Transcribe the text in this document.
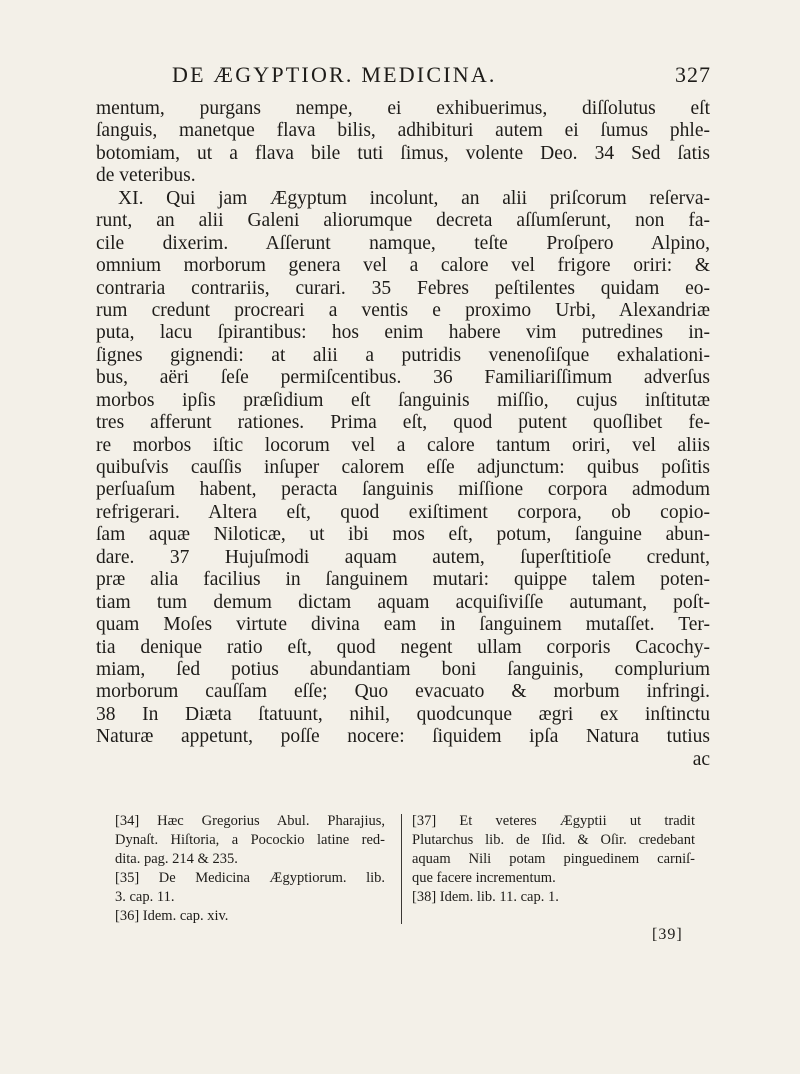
DE ÆGYPTIOR. MEDICINA.	327
mentum, purgans nempe, ei exhibuerimus, diſſolutus eſt
ſanguis, manetque flava bilis, adhibituri autem ei ſumus phle-
botomiam, ut a flava bile tuti ſimus, volente Deo. 34 Sed ſatis
de veteribus.
XI. Qui jam Ægyptum incolunt, an alii priſcorum reſerva-
runt, an alii Galeni aliorumque decreta aſſumſerunt, non fa-
cile dixerim. Aſſerunt namque, teſte Proſpero Alpino,
omnium morborum genera vel a calore vel frigore oriri: &
contraria contrariis, curari. 35 Febres peſtilentes quidam eo-
rum credunt procreari a ventis e proximo Urbi, Alexandriæ
puta, lacu ſpirantibus: hos enim habere vim putredines in-
ſignes gignendi: at alii a putridis venenoſiſque exhalationi-
bus, aëri ſeſe permiſcentibus. 36 Familiariſſimum adverſus
morbos ipſis præſidium eſt ſanguinis miſſio, cujus inſtitutæ
tres afferunt rationes. Prima eſt, quod putent quoſlibet fe-
re morbos iſtic locorum vel a calore tantum oriri, vel aliis
quibuſvis cauſſis inſuper calorem eſſe adjunctum: quibus poſitis
perſuaſum habent, peracta ſanguinis miſſione corpora admodum
refrigerari. Altera eſt, quod exiſtiment corpora, ob copio-
ſam aquæ Niloticæ, ut ibi mos eſt, potum, ſanguine abun-
dare. 37 Hujuſmodi aquam autem, ſuperſtitioſe credunt,
præ alia facilius in ſanguinem mutari: quippe talem poten-
tiam tum demum dictam aquam acquiſiviſſe autumant, poſt-
quam Moſes virtute divina eam in ſanguinem mutaſſet. Ter-
tia denique ratio eſt, quod negent ullam corporis Cacochy-
miam, ſed potius abundantiam boni ſanguinis, complurium
morborum cauſſam eſſe; Quo evacuato & morbum infringi.
38 In Diæta ſtatuunt, nihil, quodcunque ægri ex inſtinctu
Naturæ appetunt, poſſe nocere: ſiquidem ipſa Natura tutius
ac
[34] Hæc Gregorius Abul. Pharajius,
Dynaſt. Hiſtoria, a Pocockio latine red-
dita. pag. 214 & 235.
[35] De Medicina Ægyptiorum. lib.
3. cap. 11.
[36] Idem. cap. xiv.
[37] Et veteres Ægyptii ut tradit
Plutarchus lib. de Iſid. & Oſir. credebant
aquam Nili potam pinguedinem carniſ-
que facere incrementum.
[38] Idem. lib. 11. cap. 1.
[39]
